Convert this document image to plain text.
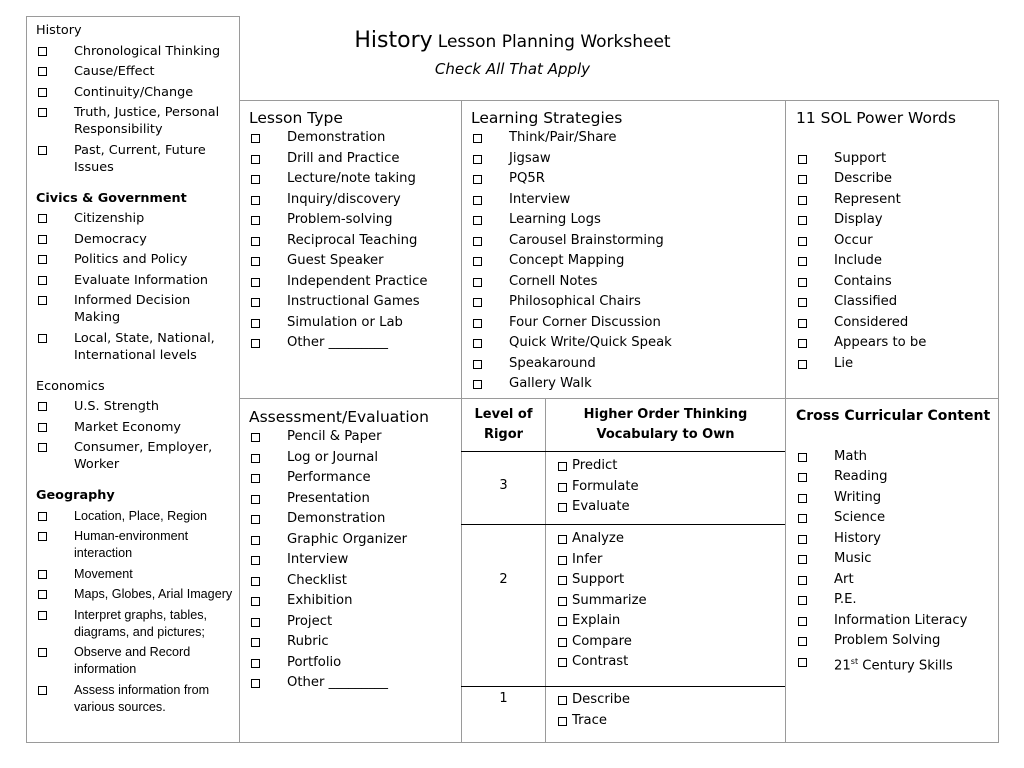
History Lesson Planning Worksheet
Check All That Apply
History
Chronological Thinking
Cause/Effect
Continuity/Change
Truth, Justice, Personal Responsibility
Past, Current, Future Issues
Civics & Government
Citizenship
Democracy
Politics and Policy
Evaluate Information
Informed Decision Making
Local, State, National, International levels
Economics
U.S. Strength
Market Economy
Consumer, Employer, Worker
Geography
Location, Place, Region
Human-environment interaction
Movement
Maps, Globes, Arial Imagery
Interpret graphs, tables, diagrams, and pictures;
Observe and Record information
Assess information from various sources.
Lesson Type
Demonstration
Drill and Practice
Lecture/note taking
Inquiry/discovery
Problem-solving
Reciprocal Teaching
Guest Speaker
Independent Practice
Instructional Games
Simulation or Lab
Other _________
Learning Strategies
Think/Pair/Share
Jigsaw
PQ5R
Interview
Learning Logs
Carousel Brainstorming
Concept Mapping
Cornell Notes
Philosophical Chairs
Four Corner Discussion
Quick Write/Quick Speak
Speakaround
Gallery Walk
11 SOL Power Words
Support
Describe
Represent
Display
Occur
Include
Contains
Classified
Considered
Appears to be
Lie
Assessment/Evaluation
Pencil & Paper
Log or Journal
Performance
Presentation
Demonstration
Graphic Organizer
Interview
Checklist
Exhibition
Project
Rubric
Portfolio
Other _________
Level of
Rigor
Higher Order Thinking
Vocabulary to Own
3
Predict
Formulate
Evaluate
2
Analyze
Infer
Support
Summarize
Explain
Compare
Contrast
1	Describe
Trace
Cross Curricular Content
Math
Reading
Writing
Science
History
Music
Art
P.E.
Information Literacy
Problem Solving
21st Century Skills
